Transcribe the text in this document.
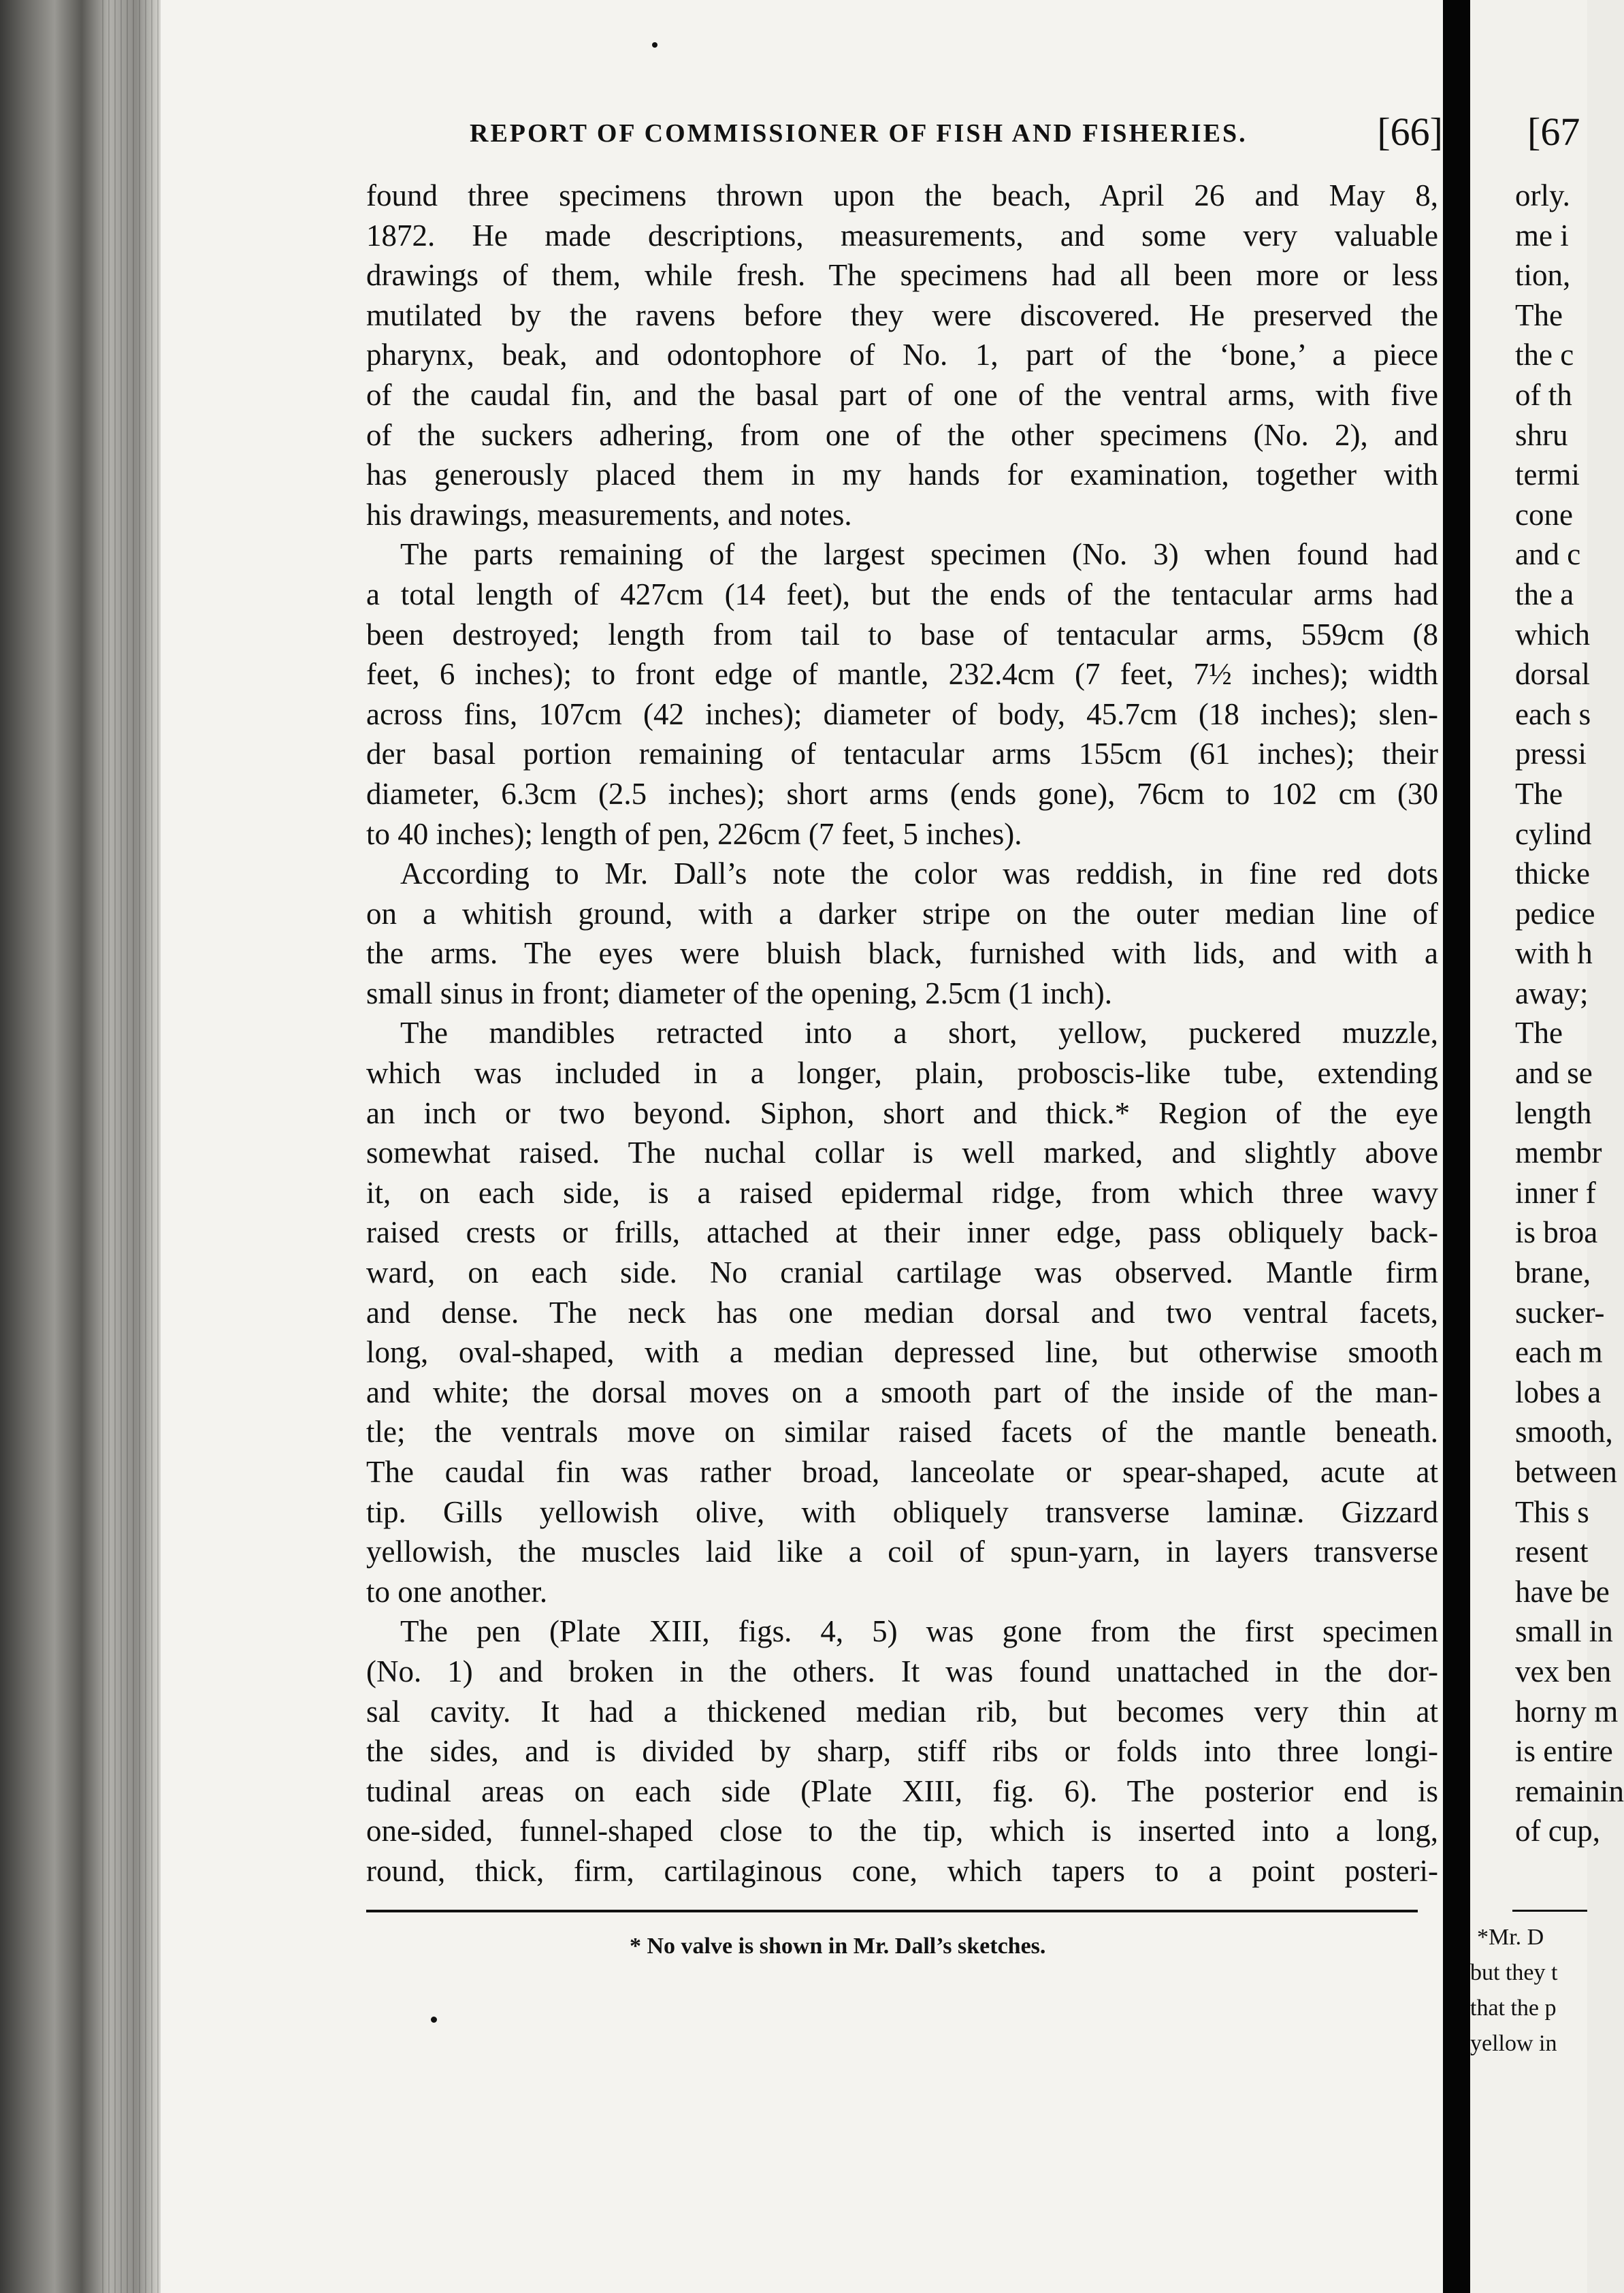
REPORT OF COMMISSIONER OF FISH AND FISHERIES.	[66]
found three specimens thrown upon the beach, April 26 and May 8,
1872. He made descriptions, measurements, and some very valuable
drawings of them, while fresh. The specimens had all been more or less
mutilated by the ravens before they were discovered. He preserved the
pharynx, beak, and odontophore of No. 1, part of the ‘bone,’ a piece
of the caudal fin, and the basal part of one of the ventral arms, with five
of the suckers adhering, from one of the other specimens (No. 2), and
has generously placed them in my hands for examination, together with
his drawings, measurements, and notes.
The parts remaining of the largest specimen (No. 3) when found had
a total length of 427cm (14 feet), but the ends of the tentacular arms had
been destroyed; length from tail to base of tentacular arms, 559cm (8
feet, 6 inches); to front edge of mantle, 232.4cm (7 feet, 7½ inches); width
across fins, 107cm (42 inches); diameter of body, 45.7cm (18 inches); slen-
der basal portion remaining of tentacular arms 155cm (61 inches); their
diameter, 6.3cm (2.5 inches); short arms (ends gone), 76cm to 102 cm (30
to 40 inches); length of pen, 226cm (7 feet, 5 inches).
According to Mr. Dall’s note the color was reddish, in fine red dots
on a whitish ground, with a darker stripe on the outer median line of
the arms. The eyes were bluish black, furnished with lids, and with a
small sinus in front; diameter of the opening, 2.5cm (1 inch).
The mandibles retracted into a short, yellow, puckered muzzle,
which was included in a longer, plain, proboscis-like tube, extending
an inch or two beyond. Siphon, short and thick.* Region of the eye
somewhat raised. The nuchal collar is well marked, and slightly above
it, on each side, is a raised epidermal ridge, from which three wavy
raised crests or frills, attached at their inner edge, pass obliquely back-
ward, on each side. No cranial cartilage was observed. Mantle firm
and dense. The neck has one median dorsal and two ventral facets,
long, oval-shaped, with a median depressed line, but otherwise smooth
and white; the dorsal moves on a smooth part of the inside of the man-
tle; the ventrals move on similar raised facets of the mantle beneath.
The caudal fin was rather broad, lanceolate or spear-shaped, acute at
tip. Gills yellowish olive, with obliquely transverse laminæ. Gizzard
yellowish, the muscles laid like a coil of spun-yarn, in layers transverse
to one another.
The pen (Plate XIII, figs. 4, 5) was gone from the first specimen
(No. 1) and broken in the others. It was found unattached in the dor-
sal cavity. It had a thickened median rib, but becomes very thin at
the sides, and is divided by sharp, stiff ribs or folds into three longi-
tudinal areas on each side (Plate XIII, fig. 6). The posterior end is
one-sided, funnel-shaped close to the tip, which is inserted into a long,
round, thick, firm, cartilaginous cone, which tapers to a point posteri-
* No valve is shown in Mr. Dall’s sketches.
[67
orly.
me i
tion,
The
the c
of th
shru
termi
cone
and c
the a
which
dorsal
each s
pressi
The
cylind
thicke
pedice
with h
away;
The
and se
length
membr
inner f
is broa
brane,
sucker-
each m
lobes a
smooth,
between
This s
resent
have be
small in
vex ben
horny m
is entire
remainin
of cup,
*Mr. D
but they t
that the p
yellow in
